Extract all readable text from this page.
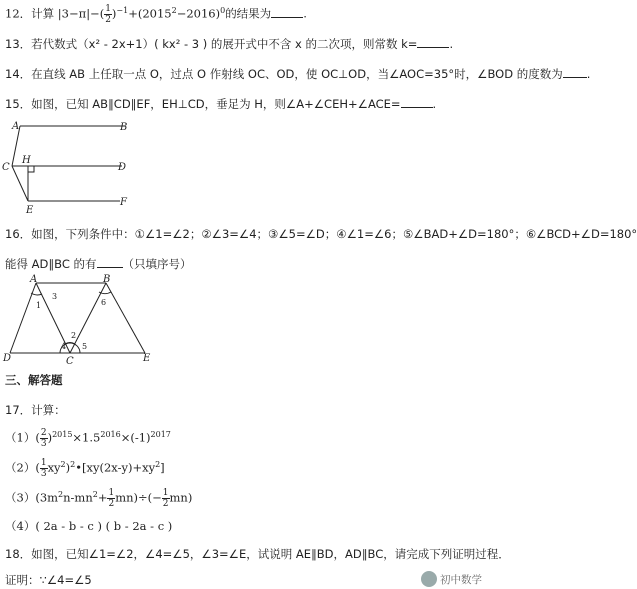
12．计算 $|3-\pi|-( \frac{1}{2} )^{-1}+(2015^2-2016)^0$的结果为	.
13．若代数式（x² - 2x+1）( kx² - 3 ) 的展开式中不含 x 的二次项，则常数 k=	.
14．在直线 AB 上任取一点 O，过点 O 作射线 OC、OD，使 OC⊥OD，当∠AOC=35°时，∠BOD 的度数为 .
15．如图，已知 AB∥CD∥EF，EH⊥CD，垂足为 H，则∠A+∠CEH+∠ACE=	.
A	B
C
H
D
E
F
16．如图，下列条件中：①∠1=∠2；②∠3=∠4；③∠5=∠D；④∠1=∠6；⑤∠BAD+∠D=180°；⑥∠BCD+∠D=180°
能得 AD∥BC 的有 （只填序号）
A	B
C
D	E
1
2
3
4 5
6
三、解答题
17．计算：
$(1)( \frac{2}{3} )^{2015}\times 1.5^{2016}\times(-1)^{2017}$
$(2)( \frac{1}{3}$ $xy^2)^2•[xy(2x-y)+xy^2]$
$(3)(3m^2n-mn^2+ \frac{1}{2} mn)\div(- \frac{1}{2} mn)$
（4）( 2a - b - c ) ( b - 2a - c )
18．如图，已知∠1=∠2，∠4=∠5，∠3=∠E，试说明 AE∥BD，AD∥BC，请完成下列证明过程．
证明：∵∠4=∠5	初中数学
